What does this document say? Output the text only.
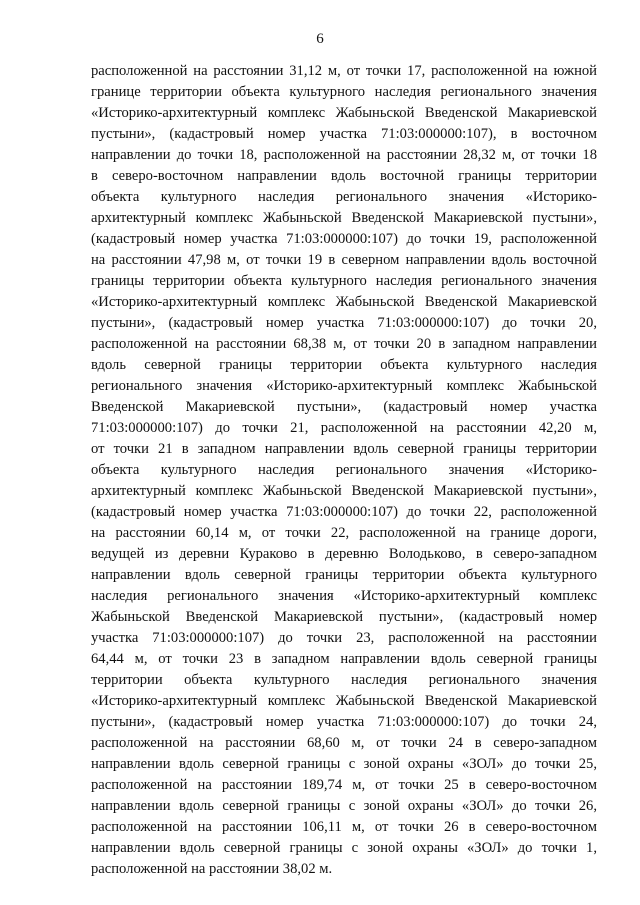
6
расположенной на расстоянии 31,12 м, от точки 17, расположенной на южной
границе территории объекта культурного наследия регионального значения
«Историко-архитектурный комплекс Жабыньской Введенской Макариевской
пустыни», (кадастровый номер участка 71:03:000000:107), в восточном
направлении до точки 18, расположенной на расстоянии 28,32 м, от точки 18
в северо-восточном направлении вдоль восточной границы территории
объекта культурного наследия регионального значения «Историко-
архитектурный комплекс Жабыньской Введенской Макариевской пустыни»,
(кадастровый номер участка 71:03:000000:107) до точки 19, расположенной
на расстоянии 47,98 м, от точки 19 в северном направлении вдоль восточной
границы территории объекта культурного наследия регионального значения
«Историко-архитектурный комплекс Жабыньской Введенской Макариевской
пустыни», (кадастровый номер участка 71:03:000000:107) до точки 20,
расположенной на расстоянии 68,38 м, от точки 20 в западном направлении
вдоль северной границы территории объекта культурного наследия
регионального значения «Историко-архитектурный комплекс Жабыньской
Введенской Макариевской пустыни», (кадастровый номер участка
71:03:000000:107) до точки 21, расположенной на расстоянии 42,20 м,
от точки 21 в западном направлении вдоль северной границы территории
объекта культурного наследия регионального значения «Историко-
архитектурный комплекс Жабыньской Введенской Макариевской пустыни»,
(кадастровый номер участка 71:03:000000:107) до точки 22, расположенной
на расстоянии 60,14 м, от точки 22, расположенной на границе дороги,
ведущей из деревни Кураково в деревню Володьково, в северо-западном
направлении вдоль северной границы территории объекта культурного
наследия регионального значения «Историко-архитектурный комплекс
Жабыньской Введенской Макариевской пустыни», (кадастровый номер
участка 71:03:000000:107) до точки 23, расположенной на расстоянии
64,44 м, от точки 23 в западном направлении вдоль северной границы
территории объекта культурного наследия регионального значения
«Историко-архитектурный комплекс Жабыньской Введенской Макариевской
пустыни», (кадастровый номер участка 71:03:000000:107) до точки 24,
расположенной на расстоянии 68,60 м, от точки 24 в северо-западном
направлении вдоль северной границы с зоной охраны «ЗОЛ» до точки 25,
расположенной на расстоянии 189,74 м, от точки 25 в северо-восточном
направлении вдоль северной границы с зоной охраны «ЗОЛ» до точки 26,
расположенной на расстоянии 106,11 м, от точки 26 в северо-восточном
направлении вдоль северной границы с зоной охраны «ЗОЛ» до точки 1,
расположенной на расстоянии 38,02 м.
